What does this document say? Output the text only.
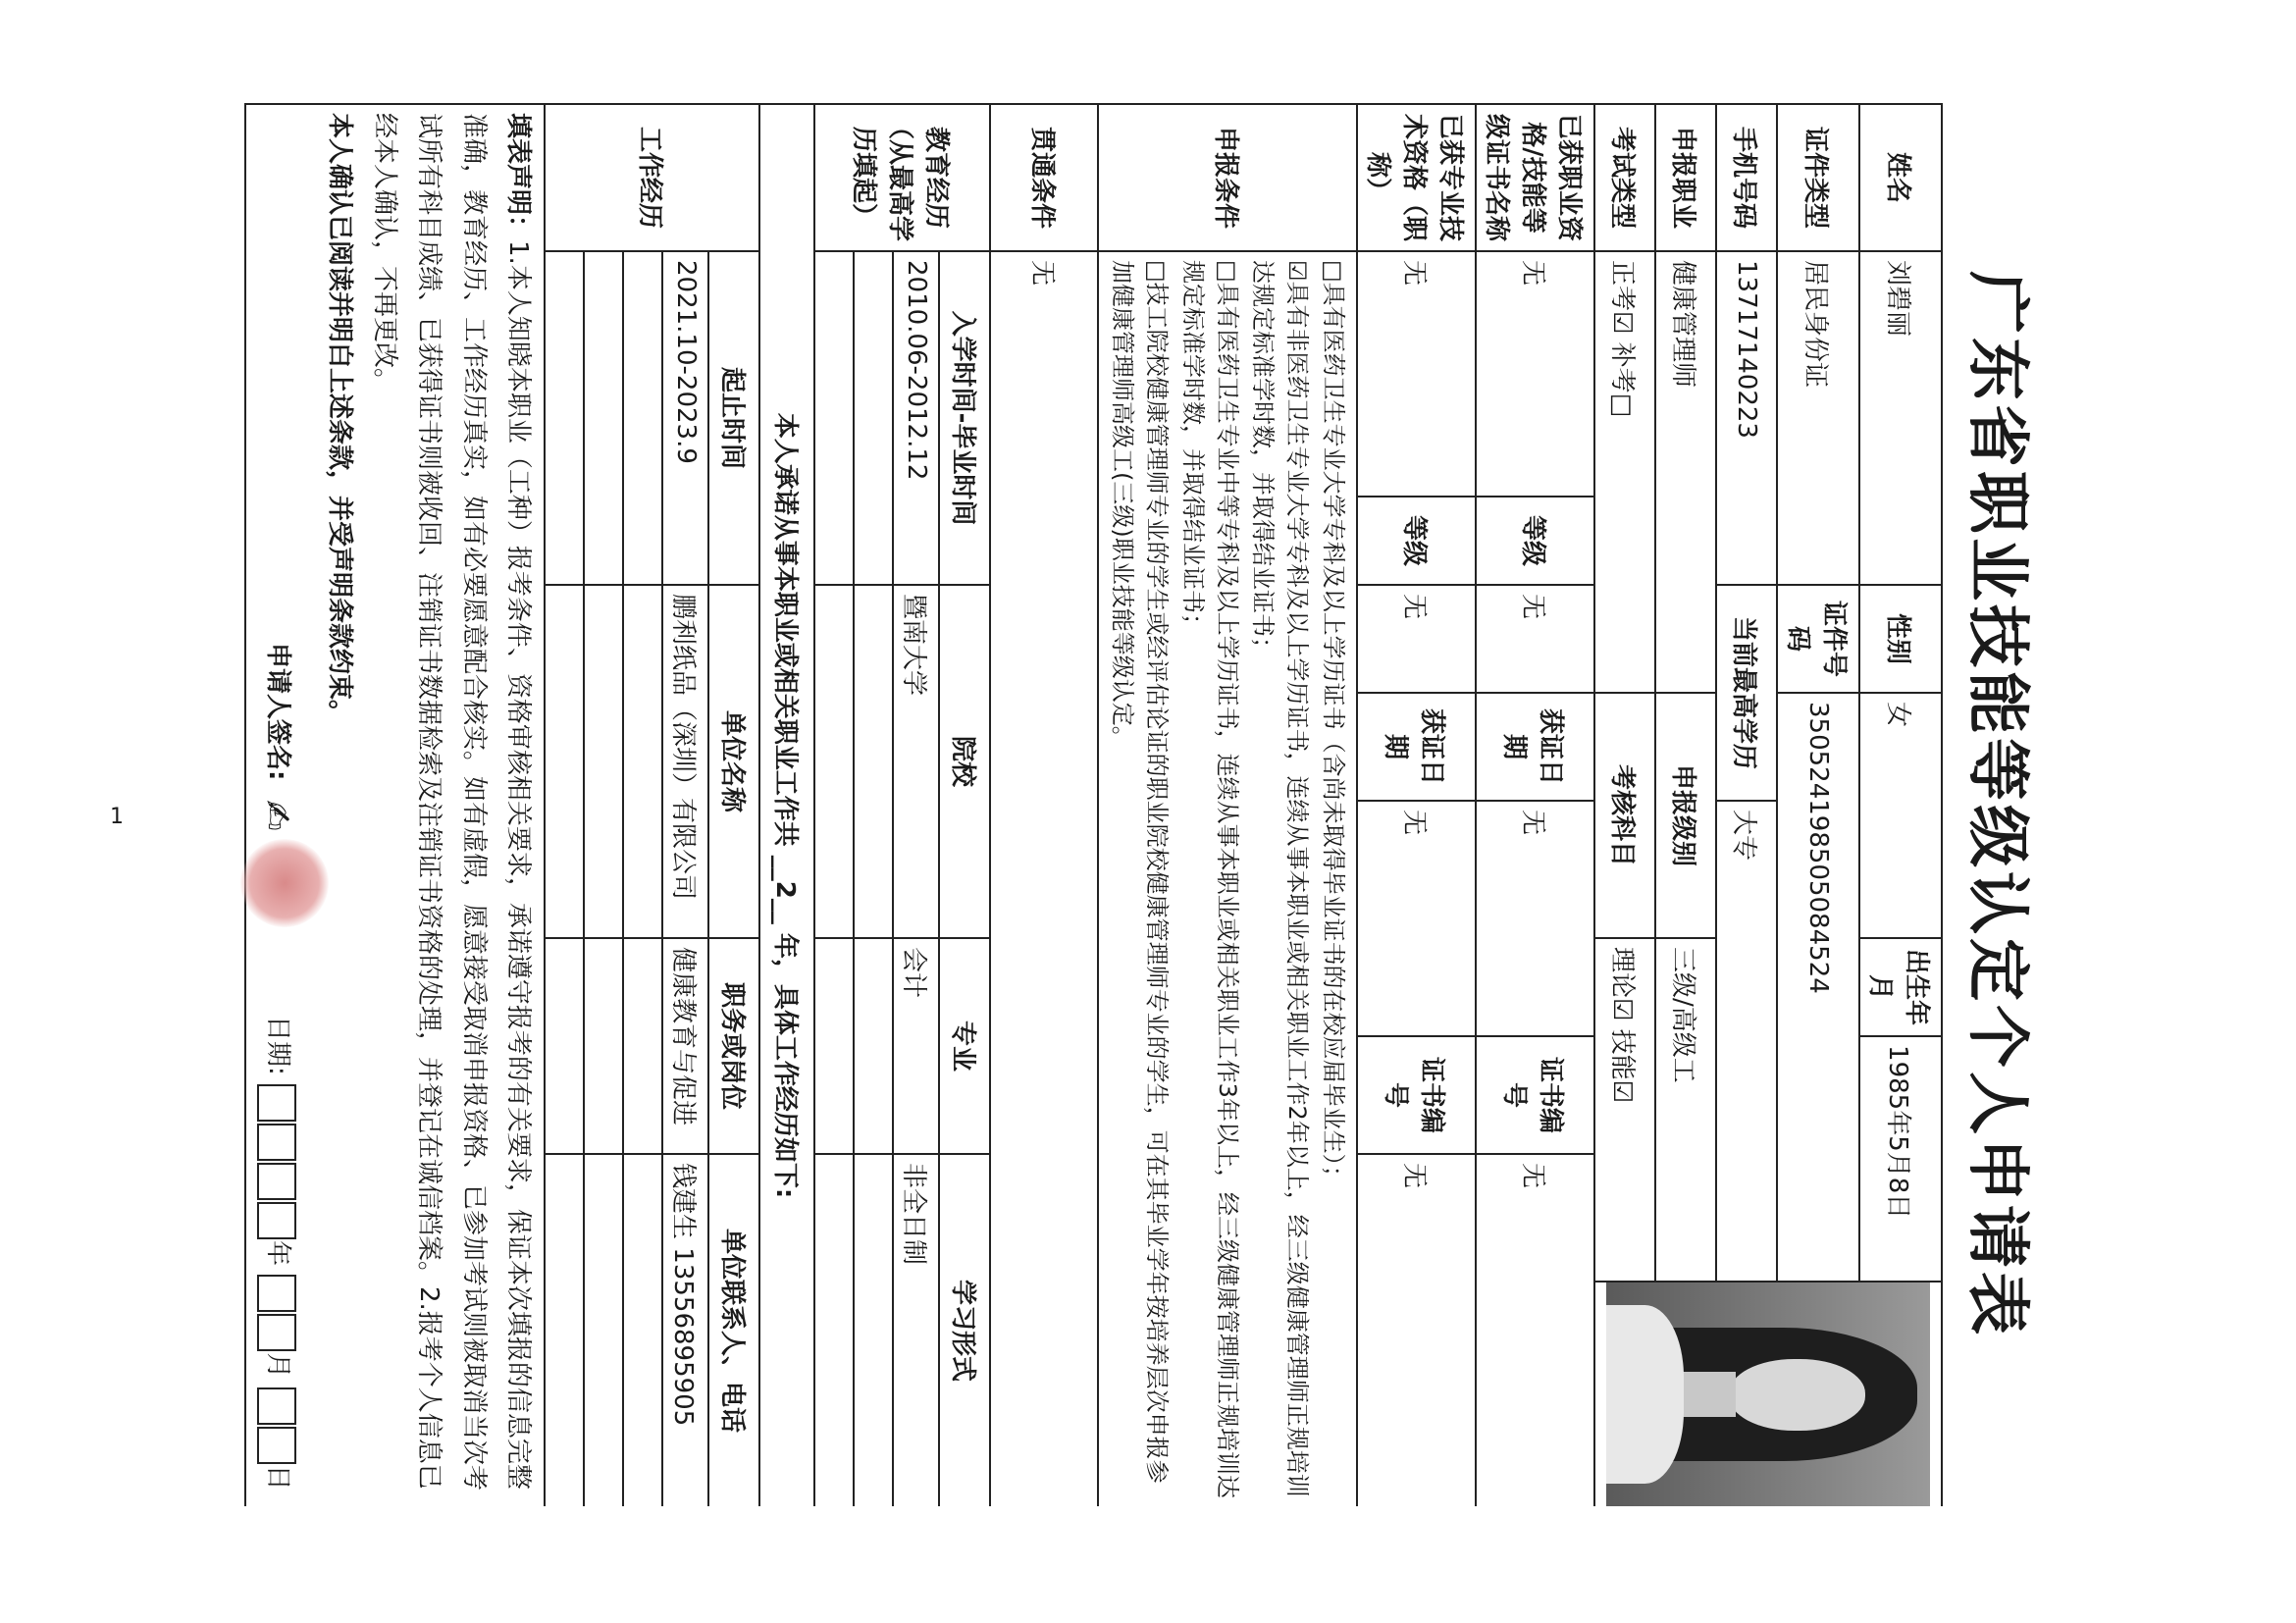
广东省职业技能等级认定个人申请表
姓名	刘碧丽		性别	女		出生年月	1985年5月8日		

证件类型	居民身份证		证件号码	350524198505084524					
手机号码	13717140223		当前最高学历		大专				
申报职业	健康管理师			申报级别		三级/高级工			
考试类型	正考☑ 补考□			考核科目		理论☑ 技能☑			
已获职业资格/技能等级证书名称	无	等级	无	获证日期	无		证书编号	无	
已获专业技术资格（职称）	无	等级	无	获证日期	无		证书编号	无	
申报条件	□具有医药卫生专业大学专科及以上学历证书（含尚未取得毕业证书的在校应届毕业生）；
☑具有非医药卫生专业大学专科及以上学历证书，连续从事本职业或相关职业工作2年以上，经三级健康管理师正规培训达规定标准学时数，并取得结业证书；
□具有医药卫生专业中等专科及以上学历证书，连续从事本职业或相关职业工作3年以上，经三级健康管理师正规培训达规定标准学时数，并取得结业证书；
□技工院校健康管理师专业的学生或经评估论证的职业院校健康管理师专业的学生，可在其毕业学年按培养层次申报参加健康管理师高级工(三级)职业技能等级认定。								

贯通条件	无								
教育经历（从最高学历填起）	入学时间-毕业时间		院校			专业		学习形式	
	2010.06-2012.12		暨南大学			会计		非全日制	

本人承诺从事本职业或相关职业工作共 __2__ 年，具体工作经历如下:									
工作经历	起止时间		单位名称			职务或岗位		单位联系人、电话	
	2021.10-2023.9		鹏利纸品（深圳）有限公司			健康教育与促进		钱建生 13556895905	

填表声明：1.本人知晓本职业（工种）报考条件、资格审核相关要求，承诺遵守报考的有关要求，保证本次填报的信息完整准确，教育经历、工作经历真实，如有必要愿意配合核实。如有虚假，愿意接受取消申报资格、已参加考试则被取消当次考试所有科目成绩、已获得证书则被收回、注销证书数据检索及注销证书资格的处理，并登记在诚信档案。2.报考个人信息已经本人确认，不再更改。
本人确认已阅读并明白上述条款，并受声明条款约束。
申请人签名:
✍
日期: 年 月 日									
1
